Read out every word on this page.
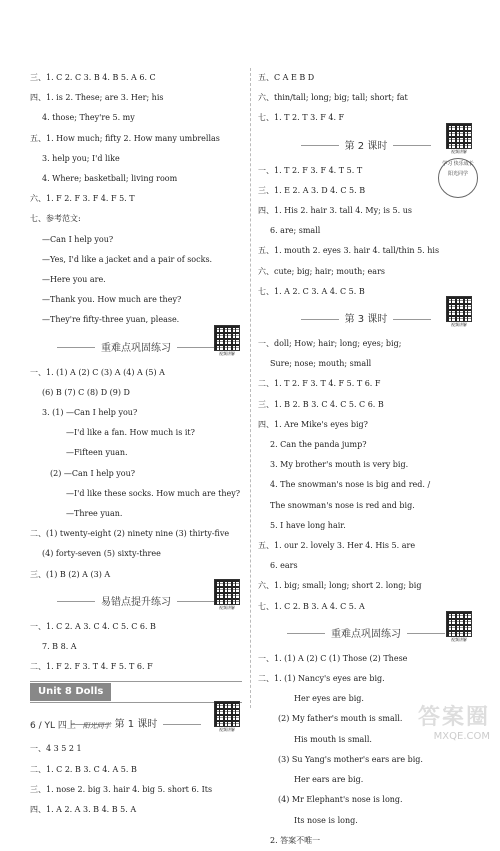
三、1. C 2. C 3. B 4. B 5. A 6. C
四、1. is 2. These; are 3. Her; his
4. those; They're 5. my
五、1. How much; fifty 2. How many umbrellas
3. help you; I'd like
4. Where; basketball; living room
六、1. F 2. F 3. F 4. F 5. T
七、参考范文:
—Can I help you?
—Yes, I'd like a jacket and a pair of socks.
—Here you are.
—Thank you. How much are they?
—They're fifty-three yuan, please.
重难点巩固练习	视频讲解
一、1. (1) A (2) C (3) A (4) A (5) A
(6) B (7) C (8) D (9) D
3. (1) —Can I help you?
—I'd like a fan. How much is it?
—Fifteen yuan.
(2) —Can I help you?
—I'd like these socks. How much are they?
—Three yuan.
二、(1) twenty-eight (2) ninety nine (3) thirty-five
(4) forty-seven (5) sixty-three
三、(1) B (2) A (3) A
易错点提升练习	视频讲解
一、1. C 2. A 3. C 4. C 5. C 6. B
7. B 8. A
二、1. F 2. F 3. T 4. F 5. T 6. F
Unit 8 Dolls
第 1 课时	视频讲解
一、4 3 5 2 1
二、1. C 2. B 3. C 4. A 5. B
三、1. nose 2. big 3. hair 4. big 5. short 6. Its
四、1. A 2. A 3. B 4. B 5. A
五、C A E B D
六、thin/tall; long; big; tall; short; fat
七、1. T 2. T 3. F 4. F
第 2 课时	视频讲解
一、1. T 2. F 3. F 4. T 5. T
三、1. E 2. A 3. D 4. C 5. B
四、1. His 2. hair 3. tall 4. My; is 5. us
6. are; small
五、1. mouth 2. eyes 3. hair 4. tall/thin 5. his
六、cute; big; hair; mouth; ears
七、1. A 2. C 3. A 4. C 5. B
第 3 课时	视频讲解
一、doll; How; hair; long; eyes; big;
Sure; nose; mouth; small
二、1. T 2. F 3. T 4. F 5. T 6. F
三、1. B 2. B 3. C 4. C 5. C 6. B
四、1. Are Mike's eyes big?
2. Can the panda jump?
3. My brother's mouth is very big.
4. The snowman's nose is big and red. /
The snowman's nose is red and big.
5. I have long hair.
五、1. our 2. lovely 3. Her 4. His 5. are
6. ears
六、1. big; small; long; short 2. long; big
七、1. C 2. B 3. A 4. C 5. A
重难点巩固练习	视频讲解
一、1. (1) A (2) C (1) Those (2) These
二、1. (1) Nancy's eyes are big.
Her eyes are big.
(2) My father's mouth is small.
His mouth is small.
(3) Su Yang's mother's ears are big.
Her ears are big.
(4) Mr Elephant's nose is long.
Its nose is long.
2. 答案不唯一
学习 快乐成长 阳光同学
6 / YL 四上 阳光同学	答案圈
MXQE.COM
